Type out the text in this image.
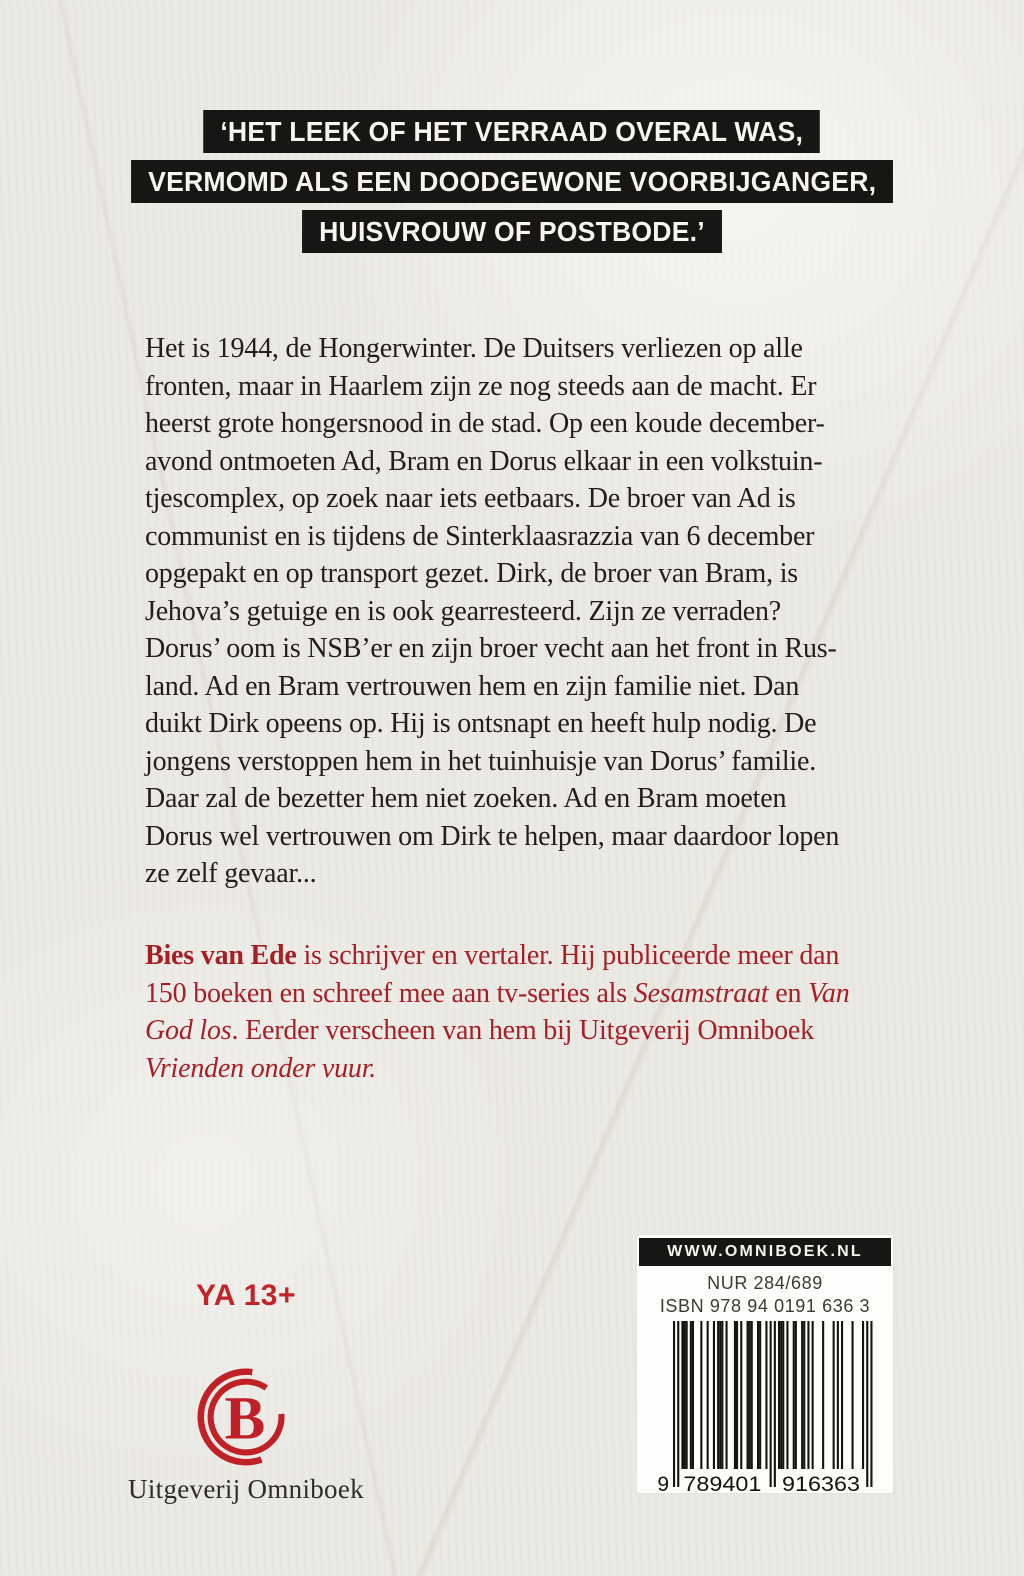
‘HET LEEK OF HET VERRAAD OVERAL WAS,
VERMOMD ALS EEN DOODGEWONE VOORBIJGANGER,
HUISVROUW OF POSTBODE.’
Het is 1944, de Hongerwinter. De Duitsers verliezen op alle
fronten, maar in Haarlem zijn ze nog steeds aan de macht. Er
heerst grote hongersnood in de stad. Op een koude december-
avond ontmoeten Ad, Bram en Dorus elkaar in een volkstuin-
tjescomplex, op zoek naar iets eetbaars. De broer van Ad is
communist en is tijdens de Sinterklaasrazzia van 6 december
opgepakt en op transport gezet. Dirk, de broer van Bram, is
Jehova’s getuige en is ook gearresteerd. Zijn ze verraden?
Dorus’ oom is NSB’er en zijn broer vecht aan het front in Rus-
land. Ad en Bram vertrouwen hem en zijn familie niet. Dan
duikt Dirk opeens op. Hij is ontsnapt en heeft hulp nodig. De
jongens verstoppen hem in het tuinhuisje van Dorus’ familie.
Daar zal de bezetter hem niet zoeken. Ad en Bram moeten
Dorus wel vertrouwen om Dirk te helpen, maar daardoor lopen
ze zelf gevaar...
Bies van Ede is schrijver en vertaler. Hij publiceerde meer dan
150 boeken en schreef mee aan tv-series als Sesamstraat en Van
God los. Eerder verscheen van hem bij Uitgeverij Omniboek
Vrienden onder vuur.
YA 13+
B
Uitgeverij Omniboek
WWW.OMNIBOEK.NL
NUR 284/689
ISBN 978 94 0191 636 3
9 789401 916363
